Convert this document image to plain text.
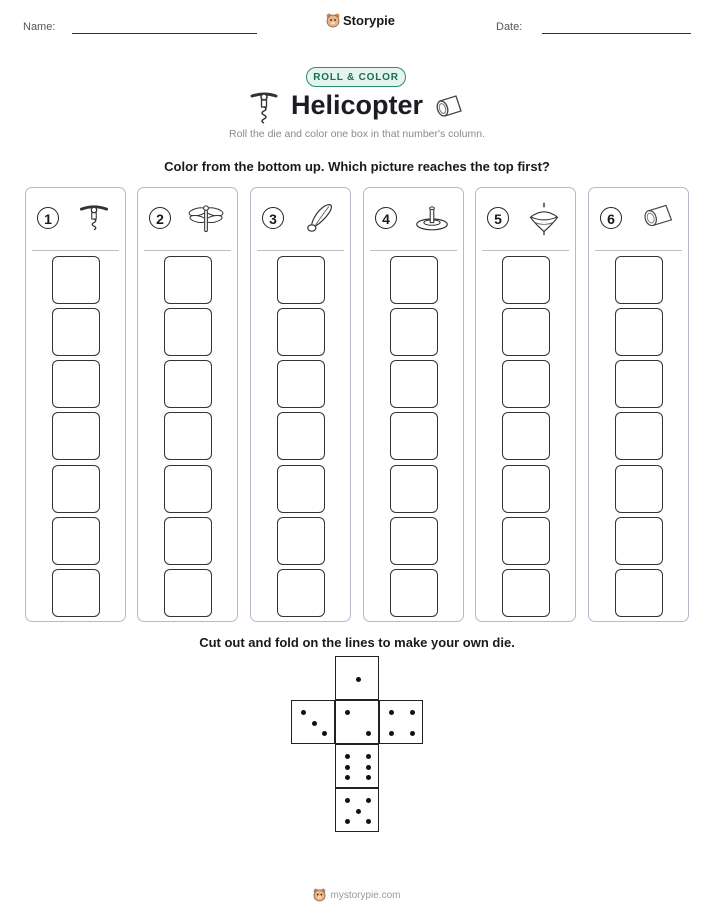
Name:	Storypie	Date:
ROLL & COLOR
Helicopter
Roll the die and color one box in that number's column.
Color from the bottom up. Which picture reaches the top first?
1	2	3	4	5	6
Cut out and fold on the lines to make your own die.
mystorypie.com
